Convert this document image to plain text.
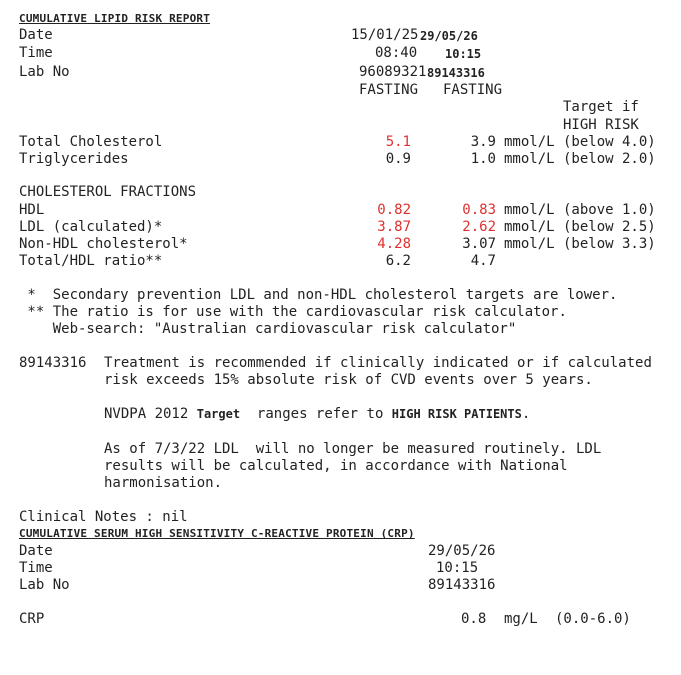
CUMULATIVE LIPID RISK REPORT
Date	15/01/25 29/05/26
Time	08:40 10:15
Lab No	96089321 89143316
FASTING FASTING
Target if
HIGH RISK
Total Cholesterol	5.1	3.9 mmol/L (below 4.0)
Triglycerides	0.9	1.0 mmol/L (below 2.0)
CHOLESTEROL FRACTIONS
HDL	0.82	0.83 mmol/L (above 1.0)
LDL (calculated)*	3.87	2.62 mmol/L (below 2.5)
Non-HDL cholesterol*	4.28	3.07 mmol/L (below 3.3)
Total/HDL ratio**	6.2	4.7
*  Secondary prevention LDL and non-HDL cholesterol targets are lower.
** The ratio is for use with the cardiovascular risk calculator.
Web-search: "Australian cardiovascular risk calculator"
89143316 Treatment is recommended if clinically indicated or if calculated
risk exceeds 15% absolute risk of CVD events over 5 years.
NVDPA 2012 Target  ranges refer to HIGH RISK PATIENTS.
As of 7/3/22 LDL  will no longer be measured routinely. LDL
results will be calculated, in accordance with National
harmonisation.
Clinical Notes : nil
CUMULATIVE SERUM HIGH SENSITIVITY C-REACTIVE PROTEIN (CRP)
Date	29/05/26
Time	10:15
Lab No	89143316
CRP	0.8 mg/L (0.0-6.0)
